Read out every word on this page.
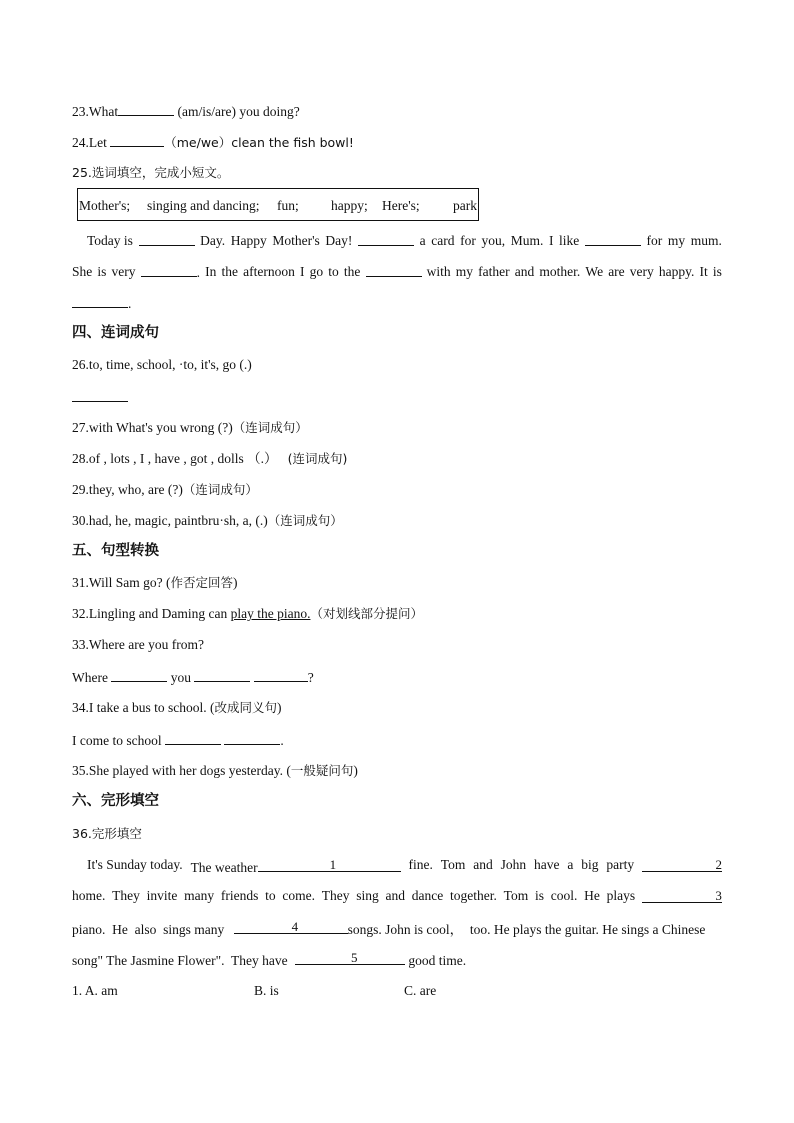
23.What	(am/is/are) you doing?
24.Let	（me/we）clean the fish bowl!
25.选词填空，完成小短文。
Mother's; singing and dancing; fun; happy; Here's; park
Today is	Day. Happy Mother's Day!	a card for you, Mum. I like	for my mum.
She is very	. In the afternoon I go to the	with my father and mother. We are very happy. It is
.
四、连词成句
26.to, time, school, ·to, it's, go (.)
27.with What's you wrong (?)（连词成句）
28.of , lots , I , have , got , dolls （.） (连词成句)
29.they, who, are (?)（连词成句）
30.had, he, magic, paintbru·sh, a, (.)（连词成句）
五、句型转换
31.Will Sam go? (作否定回答)
32.Lingling and Daming can play the piano.（对划线部分提问）
33.Where are you from?
Where	you	?
34.I take a bus to school. (改成同义句)
I come to school	.
35.She played with her dogs yesterday. (一般疑问句)
六、完形填空
36.完形填空
It's Sunday today. The weather	1	fine. Tom and John have a big party	2
home. They invite many friends to come. They sing and dance together. Tom is cool. He plays	3
piano.  He  also  sings many	4	songs. John is cool，  too. He plays the guitar. He sings a Chinese
song" The Jasmine Flower".  They have	5	good time.
1. A. am	B. is	C. are
